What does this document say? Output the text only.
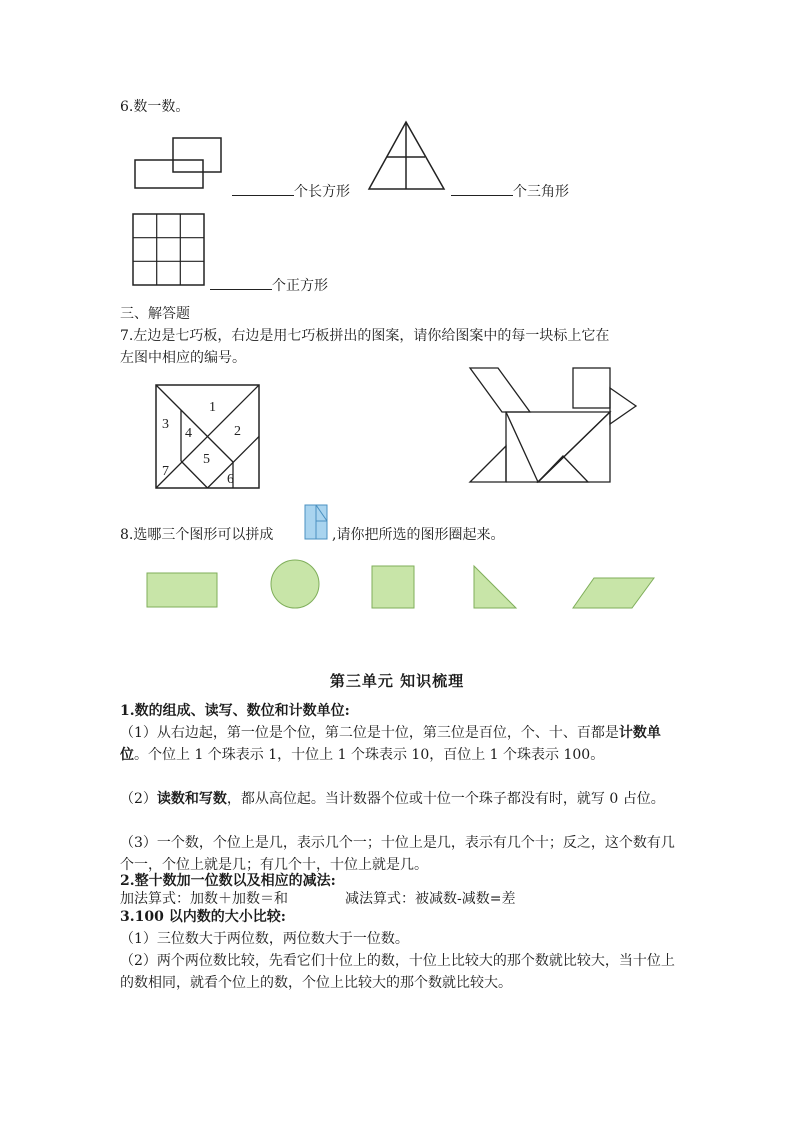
6.数一数。
个长方形	个三角形
个正方形
三、解答题
7.左边是七巧板，右边是用七巧板拼出的图案，请你给图案中的每一块标上它在
左图中相应的编号。
1
2
3
4
5
6
7
8.选哪三个图形可以拼成	,请你把所选的图形圈起来。
第三单元 知识梳理
1.数的组成、读写、数位和计数单位:
（1）从右边起，第一位是个位，第二位是十位，第三位是百位，个、十、百都是计数单位。个位上 1 个珠表示 1，十位上 1 个珠表示 10，百位上 1 个珠表示 100。
（2）读数和写数，都从高位起。当计数器个位或十位一个珠子都没有时，就写 0 占位。
（3）一个数，个位上是几，表示几个一；十位上是几，表示有几个十；反之，这个数有几个一，个位上就是几；有几个十，十位上就是几。
2.整十数加一位数以及相应的减法:
加法算式：加数＋加数＝和	减法算式：被减数-减数=差
3.100 以内数的大小比较:
（1）三位数大于两位数，两位数大于一位数。
（2）两个两位数比较，先看它们十位上的数，十位上比较大的那个数就比较大，当十位上的数相同，就看个位上的数，个位上比较大的那个数就比较大。
